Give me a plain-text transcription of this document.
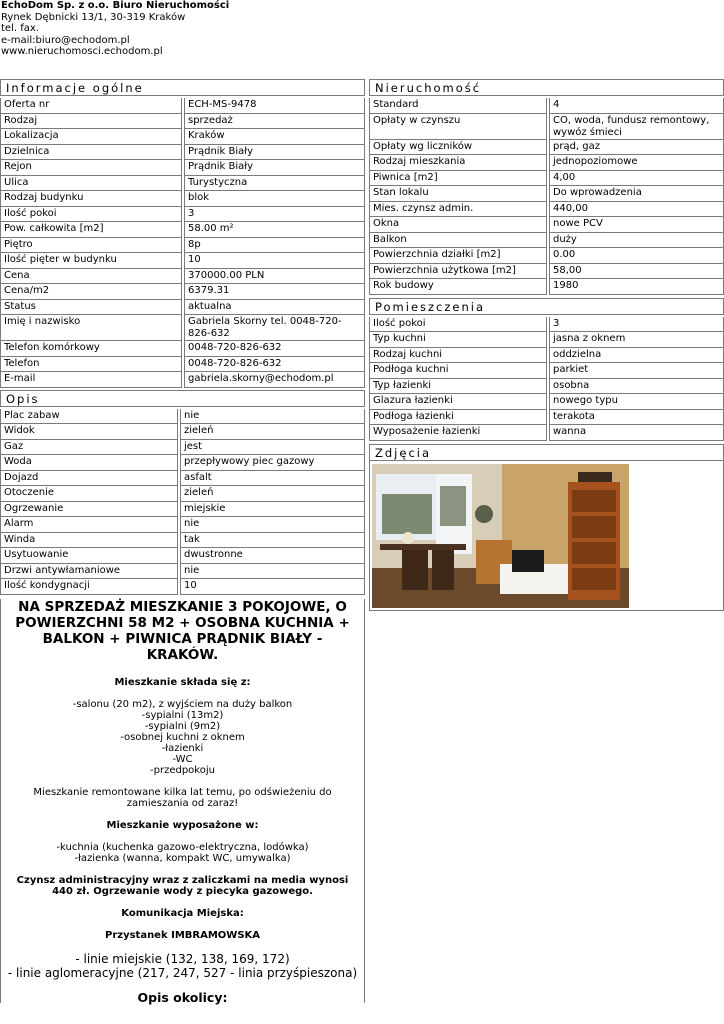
EchoDom Sp. z o.o. Biuro Nieruchomości
Rynek Dębnicki 13/1, 30-319 Kraków
tel. fax.
e-mail:biuro@echodom.pl
www.nieruchomosci.echodom.pl
Informacje ogólne
Oferta nr	ECH-MS-9478
Rodzaj	sprzedaż
Lokalizacja	Kraków
Dzielnica	Prądnik Biały
Rejon	Prądnik Biały
Ulica	Turystyczna
Rodzaj budynku	blok
Ilość pokoi	3
Pow. całkowita [m2]	58.00 m²
Piętro	8p
Ilość pięter w budynku	10
Cena	370000.00 PLN
Cena/m2	6379.31
Status	aktualna
Imię i nazwisko	Gabriela Skorny tel. 0048-720-826-632
Telefon komórkowy	0048-720-826-632
Telefon	0048-720-826-632
E-mail	gabriela.skorny@echodom.pl
Opis
Plac zabaw	nie
Widok	zieleń
Gaz	jest
Woda	przepływowy piec gazowy
Dojazd	asfalt
Otoczenie	zieleń
Ogrzewanie	miejskie
Alarm	nie
Winda	tak
Usytuowanie	dwustronne
Drzwi antywłamaniowe	nie
Ilość kondygnacji	10
NA SPRZEDAŻ MIESZKANIE 3 POKOJOWE, O POWIERZCHNI 58 M2 + OSOBNA KUCHNIA + BALKON + PIWNICA PRĄDNIK BIAŁY - KRAKÓW.

Mieszkanie składa się z:

-salonu (20 m2), z wyjściem na duży balkon

-sypialni (13m2)

-sypialni (9m2)

-osobnej kuchni z oknem

-łazienki

-WC

-przedpokoju

Mieszkanie remontowane kilka lat temu, po odświeżeniu do zamieszania od zaraz!

Mieszkanie wyposażone w:

-kuchnia (kuchenka gazowo-elektryczna, lodówka)

-łazienka (wanna, kompakt WC, umywalka)

Czynsz administracyjny wraz z zaliczkami na media wynosi 440 zł. Ogrzewanie wody z piecyka gazowego.

Komunikacja Miejska:

Przystanek IMBRAMOWSKA

- linie miejskie (132, 138, 169, 172)

- linie aglomeracyjne (217, 247, 527 - linia przyśpieszona)

Opis okolicy:

Nieruchomość
Standard	4
Opłaty w czynszu	CO, woda, fundusz remontowy, wywóz śmieci
Opłaty wg liczników	prąd, gaz
Rodzaj mieszkania	jednopoziomowe
Piwnica [m2]	4,00
Stan lokalu	Do wprowadzenia
Mies. czynsz admin.	440,00
Okna	nowe PCV
Balkon	duży
Powierzchnia działki [m2]	0.00
Powierzchnia użytkowa [m2]	58,00
Rok budowy	1980
Pomieszczenia
Ilość pokoi	3
Typ kuchni	jasna z oknem
Rodzaj kuchni	oddzielna
Podłoga kuchni	parkiet
Typ łazienki	osobna
Glazura łazienki	nowego typu
Podłoga łazienki	terakota
Wyposażenie łazienki	wanna
Zdjęcia
